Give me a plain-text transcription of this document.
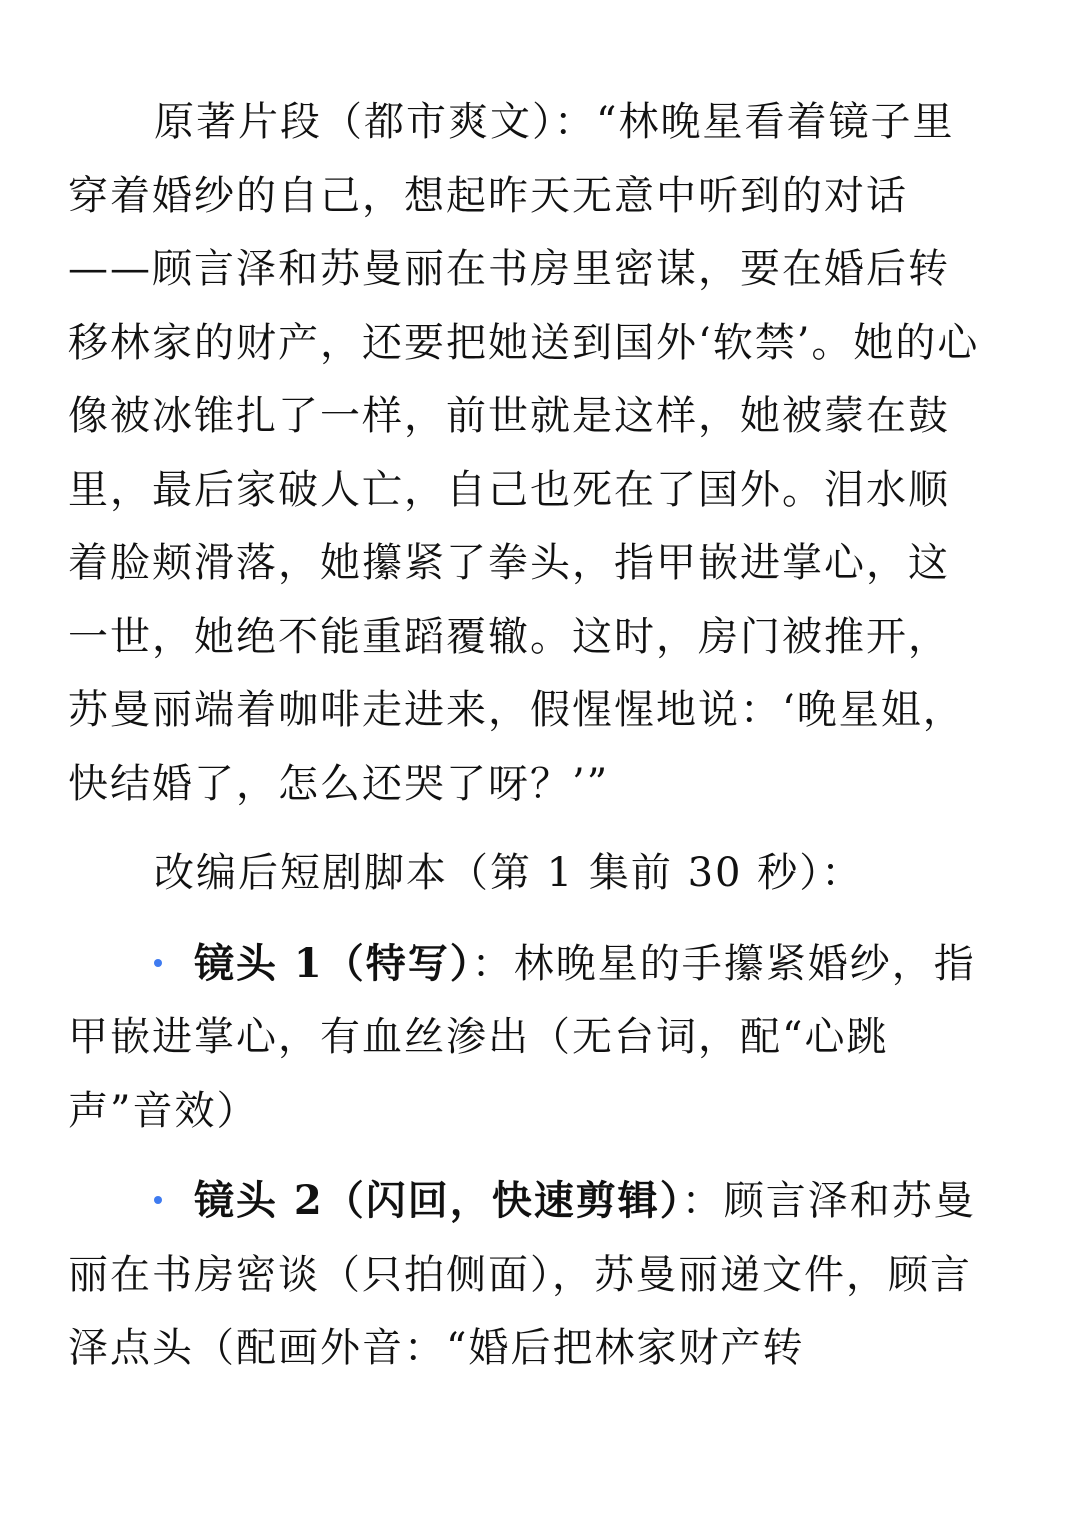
原著片段（都市爽文）：“林晚星看着镜子里穿着婚纱的自己，想起昨天无意中听到的对话——顾言泽和苏曼丽在书房里密谋，要在婚后转移林家的财产，还要把她送到国外‘软禁’。她的心像被冰锥扎了一样，前世就是这样，她被蒙在鼓里，最后家破人亡，自己也死在了国外。泪水顺着脸颊滑落，她攥紧了拳头，指甲嵌进掌心，这一世，她绝不能重蹈覆辙。这时，房门被推开，苏曼丽端着咖啡走进来，假惺惺地说：‘晚星姐，快结婚了，怎么还哭了呀？’”

改编后短剧脚本（第 1 集前 30 秒）：

镜头 1（特写）：林晚星的手攥紧婚纱，指甲嵌进掌心，有血丝渗出（无台词，配“心跳声”音效）

镜头 2（闪回，快速剪辑）：顾言泽和苏曼丽在书房密谈（只拍侧面），苏曼丽递文件，顾言泽点头（配画外音：“婚后把林家财产转
